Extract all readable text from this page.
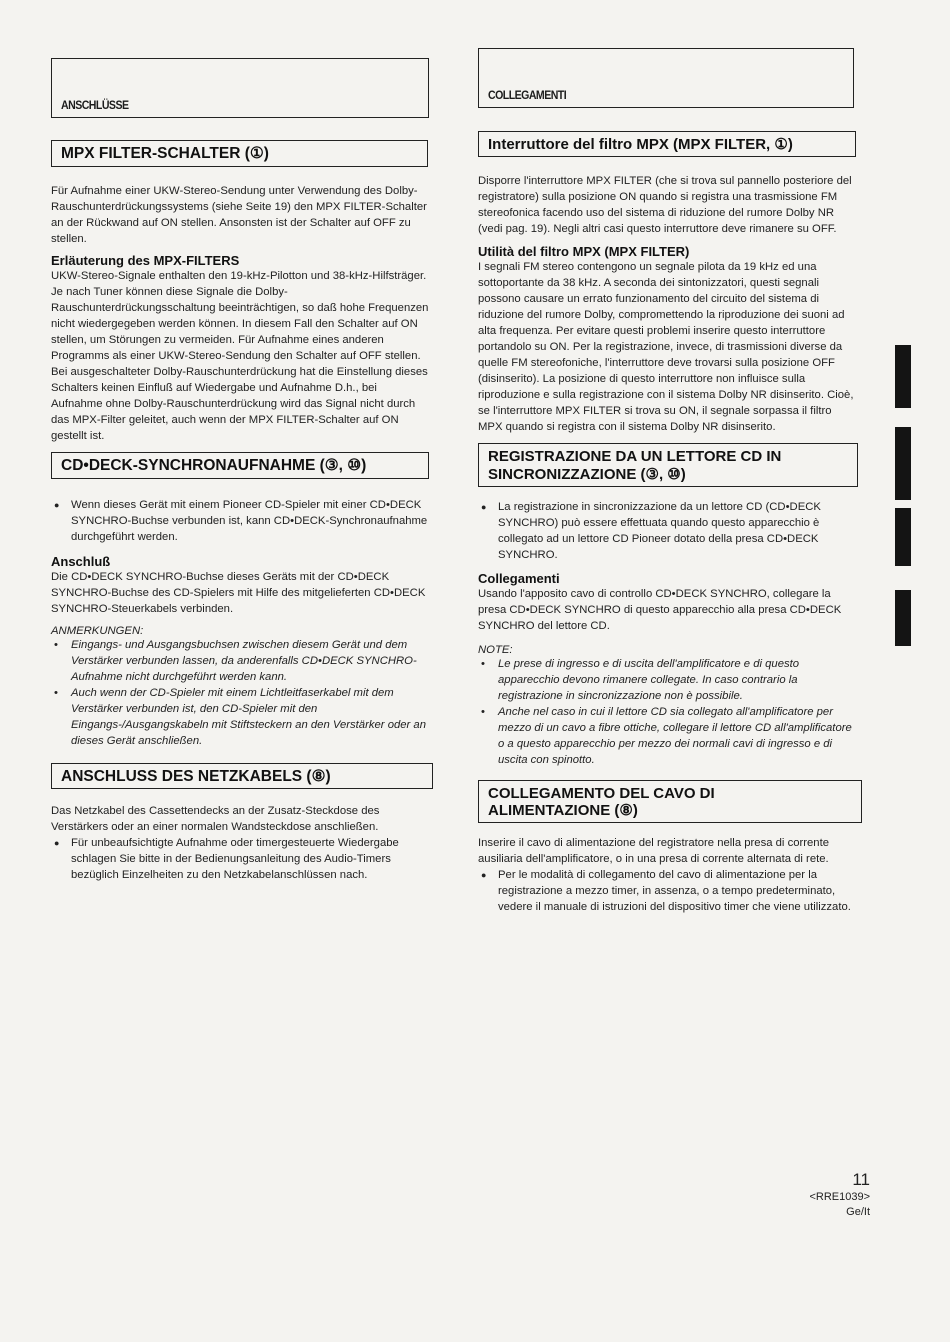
ANSCHLÜSSE
MPX FILTER-SCHALTER (①)

Für Aufnahme einer UKW-Stereo-Sendung unter Verwendung des Dolby-Rauschunterdrückungssystems (siehe Seite 19) den MPX FILTER-Schalter an der Rückwand auf ON stellen. Ansonsten ist der Schalter auf OFF zu stellen.

Erläuterung des MPX-FILTERS

UKW-Stereo-Signale enthalten den 19-kHz-Pilotton und 38-kHz-Hilfsträger. Je nach Tuner können diese Signale die Dolby-Rauschunterdrückungsschaltung beeinträchtigen, so daß hohe Frequenzen nicht wiedergegeben werden können. In diesem Fall den Schalter auf ON stellen, um Störungen zu vermeiden. Für Aufnahme eines anderen Programms als einer UKW-Stereo-Sendung den Schalter auf OFF stellen. Bei ausgeschalteter Dolby-Rauschunterdrückung hat die Einstellung dieses Schalters keinen Einfluß auf Wiedergabe und Aufnahme D.h., bei Aufnahme ohne Dolby-Rauschunterdrückung wird das Signal nicht durch das MPX-Filter geleitet, auch wenn der MPX FILTER-Schalter auf ON gestellt ist.

CD•DECK-SYNCHRONAUFNAHME (③, ⑩)
● Wenn dieses Gerät mit einem Pioneer CD-Spieler mit einer CD•DECK SYNCHRO-Buchse verbunden ist, kann CD•DECK-Synchronaufnahme durchgeführt werden.

Anschluß

Die CD•DECK SYNCHRO-Buchse dieses Geräts mit der CD•DECK SYNCHRO-Buchse des CD-Spielers mit Hilfe des mitgelieferten CD•DECK SYNCHRO-Steuerkabels verbinden.

ANMERKUNGEN:

• Eingangs- und Ausgangsbuchsen zwischen diesem Gerät und dem Verstärker verbunden lassen, da anderenfalls CD•DECK SYNCHRO-Aufnahme nicht durchgeführt werden kann.
• Auch wenn der CD-Spieler mit einem Lichtleitfaserkabel mit dem Verstärker verbunden ist, den CD-Spieler mit den Eingangs-/Ausgangskabeln mit Stiftsteckern an den Verstärker oder an dieses Gerät anschließen.
ANSCHLUSS DES NETZKABELS (⑧)

Das Netzkabel des Cassettendecks an der Zusatz-Steckdose des Verstärkers oder an einer normalen Wandsteckdose anschließen.

● Für unbeaufsichtigte Aufnahme oder timergesteuerte Wiedergabe schlagen Sie bitte in der Bedienungsanleitung des Audio-Timers bezüglich Einzelheiten zu den Netzkabelanschlüssen nach.
COLLEGAMENTI
Interruttore del filtro MPX (MPX FILTER, ①)

Disporre l'interruttore MPX FILTER (che si trova sul pannello posteriore del registratore) sulla posizione ON quando si registra una trasmissione FM stereofonica facendo uso del sistema di riduzione del rumore Dolby NR (vedi pag. 19). Negli altri casi questo interruttore deve rimanere su OFF.

Utilità del filtro MPX (MPX FILTER)

I segnali FM stereo contengono un segnale pilota da 19 kHz ed una sottoportante da 38 kHz. A seconda dei sintonizzatori, questi segnali possono causare un errato funzionamento del circuito del sistema di riduzione del rumore Dolby, compromettendo la riproduzione dei suoni ad alta frequenza. Per evitare questi problemi inserire questo interruttore portandolo su ON. Per la registrazione, invece, di trasmissioni diverse da quelle FM stereofoniche, l'interruttore deve trovarsi sulla posizione OFF (disinserito). La posizione di questo interruttore non influisce sulla riproduzione e sulla registrazione con il sistema Dolby NR disinserito. Cioè, se l'interruttore MPX FILTER si trova su ON, il segnale sorpassa il filtro MPX quando si registra con il sistema Dolby NR disinserito.

REGISTRAZIONE DA UN LETTORE CD IN
SINCRONIZZAZIONE (③, ⑩)
● La registrazione in sincronizzazione da un lettore CD (CD•DECK SYNCHRO) può essere effettuata quando questo apparecchio è collegato ad un lettore CD Pioneer dotato della presa CD•DECK SYNCHRO.

Collegamenti

Usando l'apposito cavo di controllo CD•DECK SYNCHRO, collegare la presa CD•DECK SYNCHRO di questo apparecchio alla presa CD•DECK SYNCHRO del lettore CD.

NOTE:

• Le prese di ingresso e di uscita dell'amplificatore e di questo apparecchio devono rimanere collegate. In caso contrario la registrazione in sincronizzazione non è possibile.
• Anche nel caso in cui il lettore CD sia collegato all'amplificatore per mezzo di un cavo a fibre ottiche, collegare il lettore CD all'amplificatore o a questo apparecchio per mezzo dei normali cavi di ingresso e di uscita con spinotto.
COLLEGAMENTO DEL CAVO DI
ALIMENTAZIONE (⑧)

Inserire il cavo di alimentazione del registratore nella presa di corrente ausiliaria dell'amplificatore, o in una presa di corrente alternata di rete.

● Per le modalità di collegamento del cavo di alimentazione per la registrazione a mezzo timer, in assenza, o a tempo predeterminato, vedere il manuale di istruzioni del dispositivo timer che viene utilizzato.
11
<RRE1039>
Ge/It
